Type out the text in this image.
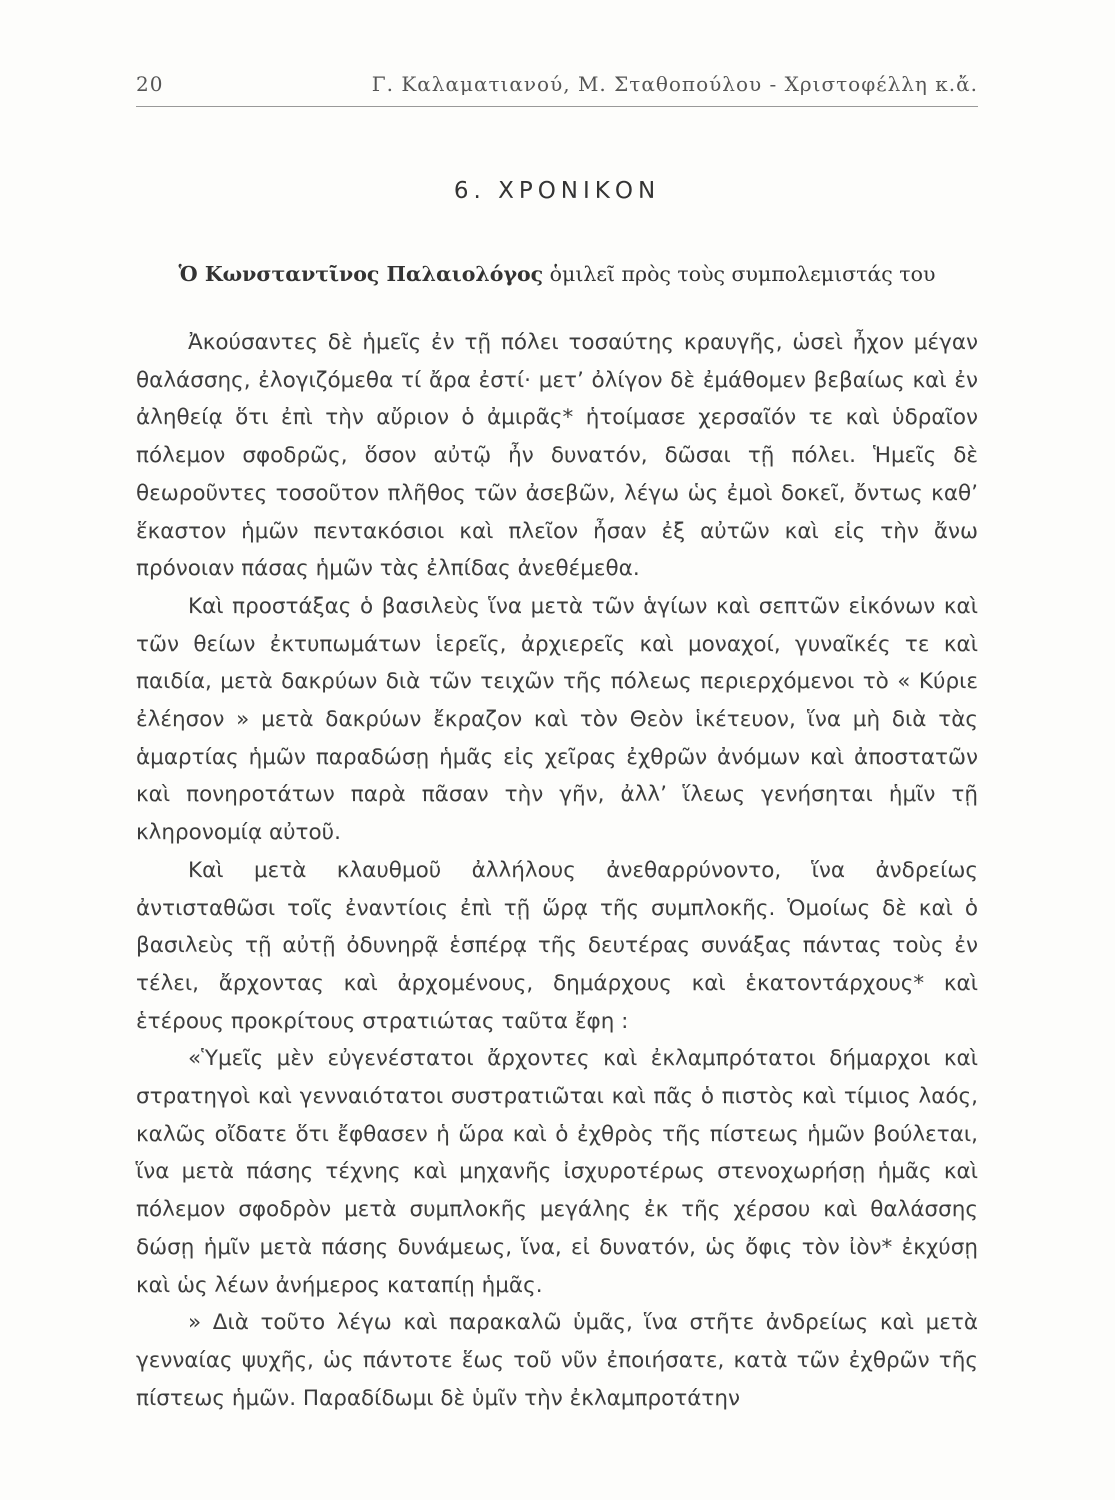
20	Γ. Καλαματιανού, Μ. Σταθοπούλου - Χριστοφέλλη κ.ἄ.
6. ΧΡΟΝΙΚΟΝ
Ὁ Κωνσταντῖνος Παλαιολόγος ὁμιλεῖ πρὸς τοὺς συμπολεμιστάς του

Ἀκούσαντες δὲ ἡμεῖς ἐν τῇ πόλει τοσαύτης κραυγῆς, ὡσεὶ ἦχον μέγαν θαλάσσης, ἐλογιζόμεθα τί ἄρα ἐστί· μετ’ ὀλίγον δὲ ἐμάθομεν βεβαίως καὶ ἐν ἀληθείᾳ ὅτι ἐπὶ τὴν αὔριον ὁ ἀμιρᾶς* ἡτοίμασε χερσαῖόν τε καὶ ὑδραῖον πόλεμον σφοδρῶς, ὅσον αὐτῷ ἦν δυνατόν, δῶσαι τῇ πόλει. Ἡμεῖς δὲ θεωροῦντες τοσοῦτον πλῆθος τῶν ἀσεβῶν, λέγω ὡς ἐμοὶ δοκεῖ, ὄντως καθ’ ἕκαστον ἡμῶν πεντακόσιοι καὶ πλεῖον ἦσαν ἐξ αὐτῶν καὶ εἰς τὴν ἄνω πρόνοιαν πάσας ἡμῶν τὰς ἐλπίδας ἀνεθέμεθα.

Καὶ προστάξας ὁ βασιλεὺς ἵνα μετὰ τῶν ἁγίων καὶ σεπτῶν εἰκόνων καὶ τῶν θείων ἐκτυπωμάτων ἱερεῖς, ἀρχιερεῖς καὶ μοναχοί, γυναῖκές τε καὶ παιδία, μετὰ δακρύων διὰ τῶν τειχῶν τῆς πόλεως περιερχόμενοι τὸ « Κύριε ἐλέησον » μετὰ δακρύων ἔκραζον καὶ τὸν Θεὸν ἱκέτευον, ἵνα μὴ διὰ τὰς ἁμαρτίας ἡμῶν παραδώσῃ ἡμᾶς εἰς χεῖρας ἐχθρῶν ἀνόμων καὶ ἀποστατῶν καὶ πονηροτάτων παρὰ πᾶσαν τὴν γῆν, ἀλλ’ ἵλεως γενήσηται ἡμῖν τῇ κληρονομίᾳ αὐτοῦ.

Καὶ μετὰ κλαυθμοῦ ἀλλήλους ἀνεθαρρύνοντο, ἵνα ἀνδρείως ἀντισταθῶσι τοῖς ἐναντίοις ἐπὶ τῇ ὥρᾳ τῆς συμπλοκῆς. Ὁμοίως δὲ καὶ ὁ βασιλεὺς τῇ αὐτῇ ὀδυνηρᾷ ἑσπέρᾳ τῆς δευτέρας συνάξας πάντας τοὺς ἐν τέλει, ἄρχοντας καὶ ἀρχομένους, δημάρχους καὶ ἑκατοντάρχους* καὶ ἑτέρους προκρίτους στρατιώτας ταῦτα ἔφη :

«Ὑμεῖς μὲν εὐγενέστατοι ἄρχοντες καὶ ἐκλαμπρότατοι δήμαρχοι καὶ στρατηγοὶ καὶ γενναιότατοι συστρατιῶται καὶ πᾶς ὁ πιστὸς καὶ τίμιος λαός, καλῶς οἴδατε ὅτι ἔφθασεν ἡ ὥρα καὶ ὁ ἐχθρὸς τῆς πίστεως ἡμῶν βούλεται, ἵνα μετὰ πάσης τέχνης καὶ μηχανῆς ἰσχυροτέρως στενοχωρήσῃ ἡμᾶς καὶ πόλεμον σφοδρὸν μετὰ συμπλοκῆς μεγάλης ἐκ τῆς χέρσου καὶ θαλάσσης δώσῃ ἡμῖν μετὰ πάσης δυνάμεως, ἵνα, εἰ δυνατόν, ὡς ὄφις τὸν ἰὸν* ἐκχύσῃ καὶ ὡς λέων ἀνήμερος καταπίῃ ἡμᾶς.

» Διὰ τοῦτο λέγω καὶ παρακαλῶ ὑμᾶς, ἵνα στῆτε ἀνδρείως καὶ μετὰ γενναίας ψυχῆς, ὡς πάντοτε ἕως τοῦ νῦν ἐποιήσατε, κατὰ τῶν ἐχθρῶν τῆς πίστεως ἡμῶν. Παραδίδωμι δὲ ὑμῖν τὴν ἐκλαμπροτάτην
